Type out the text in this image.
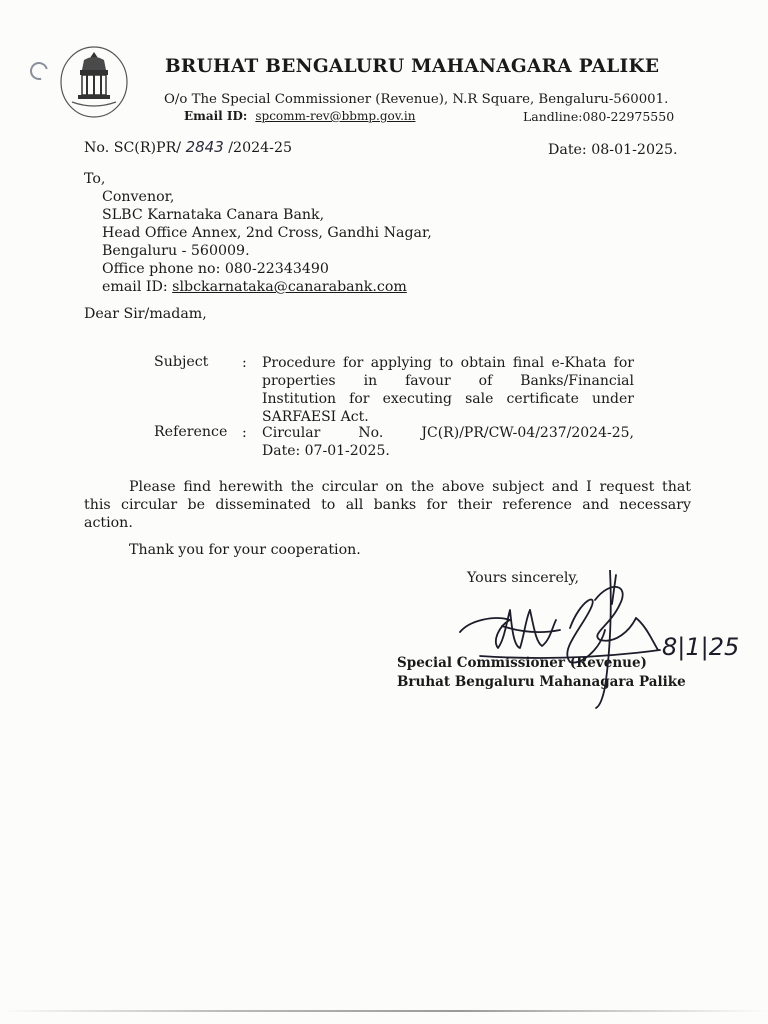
BRUHAT BENGALURU MAHANAGARA PALIKE
O/o The Special Commissioner (Revenue), N.R Square, Bengaluru-560001.
Email ID: spcomm-rev@bbmp.gov.in	Landline:080-22975550
No. SC(R)PR/ 2843 /2024-25	Date: 08-01-2025.
To,
Convenor,
SLBC Karnataka Canara Bank,
Head Office Annex, 2nd Cross, Gandhi Nagar,
Bengaluru - 560009.
Office phone no: 080-22343490
email ID: slbckarnataka@canarabank.com
Dear Sir/madam,
Subject : Procedure for applying to obtain final e-Khata for
properties in favour of Banks/Financial
Institution for executing sale certificate under
SARFAESI Act.
Reference : Circular No. JC(R)/PR/CW-04/237/2024-25,
Date: 07-01-2025.
Please find herewith the circular on the above subject and I request that
this circular be disseminated to all banks for their reference and necessary
action.
Thank you for your cooperation.
Yours sincerely,
Special Commissioner (Revenue)
Bruhat Bengaluru Mahanagara Palike
8|1|25
